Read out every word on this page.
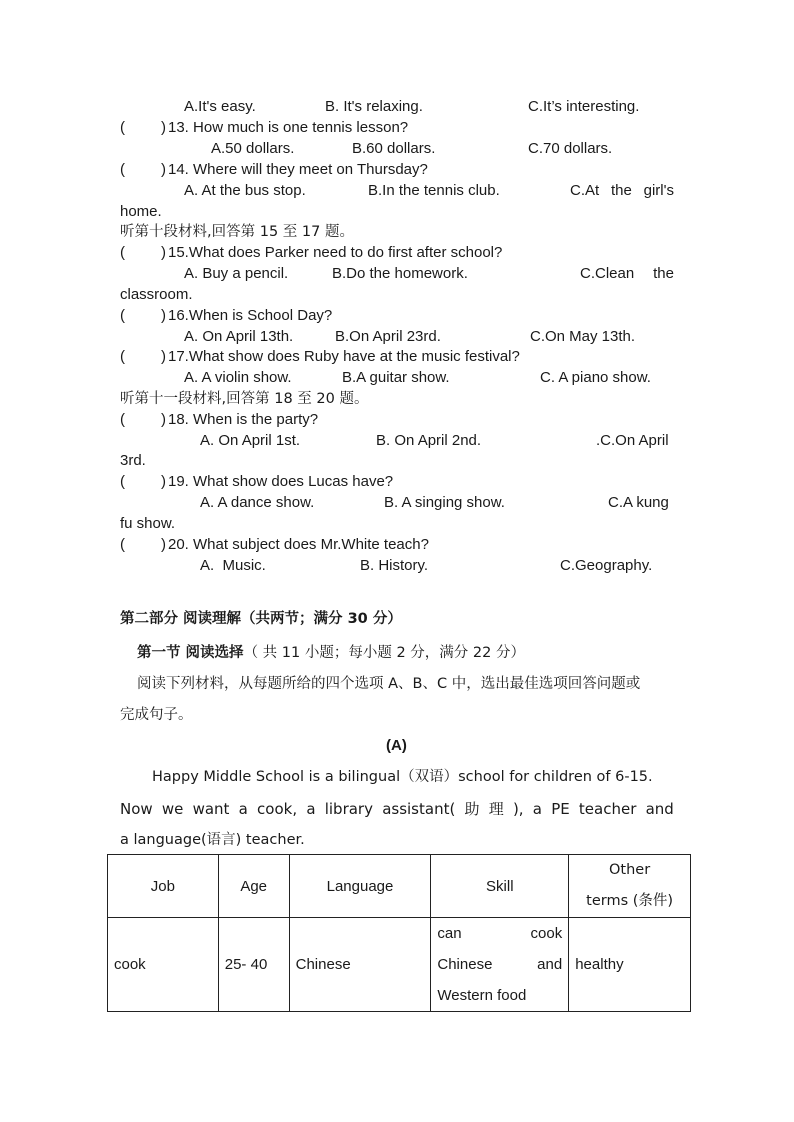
A.It's easy.	B. It's relaxing.	C.It’s interesting.
( ) 13. How much is one tennis lesson?
A.50 dollars.	B.60 dollars.	C.70 dollars.
( ) 14. Where will they meet on Thursday?
A. At the bus stop.	B.In the tennis club.	C.At the girl's
home.
听第十段材料,回答第 15 至 17 题。
( ) 15.What does Parker need to do first after school?
A. Buy a pencil.	B.Do the homework.	C.Clean the
classroom.
( ) 16.When is School Day?
A. On April 13th.	B.On April 23rd.	C.On May 13th.
( ) 17.What show does Ruby have at the music festival?
A. A violin show.	B.A guitar show.	C. A piano show.
听第十一段材料,回答第 18 至 20 题。
( ) 18. When is the party?
A. On April 1st.	B. On April 2nd.	.C.On April
3rd.
( ) 19. What show does Lucas have?
A. A dance show.	B. A singing show.	C.A kung
fu show.
( ) 20. What subject does Mr.White teach?
A.  Music.	B. History.	C.Geography.
第二部分 阅读理解（共两节；满分 30 分）
第一节 阅读选择（ 共 11 小题；每小题 2 分，满分 22 分）
阅读下列材料，从每题所给的四个选项 A、B、C 中，选出最佳选项回答问题或
完成句子。
(A)
Happy Middle School is a bilingual（双语）school for children of 6-15.
Now we want a cook, a library assistant( 助 理 ), a PE teacher and
a language(语言) teacher.
Job	Age	Language	Skill	Other
terms (条件)

cook	25- 40	Chinese	can cook
Chinese and
Western food	healthy
